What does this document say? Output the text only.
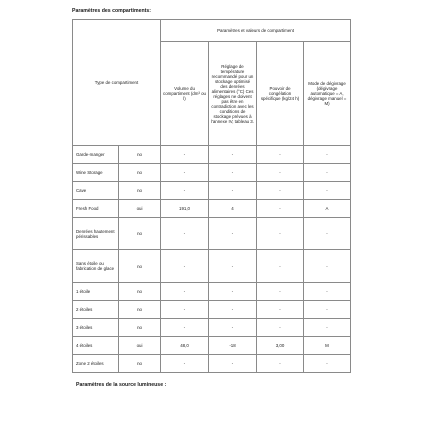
Paramètres des compartiments:
Type de compartiment		Paramètres et valeurs de compartiment			
		Volume du compartiment (dm³ ou l)	Réglage de température recommandé pour un stockage optimisé des denrées alimentaires (°C) Ces réglages ne doivent pas être en contradiction avec les conditions de stockage prévues à l'annexe IV, tableau 3.	Pouvoir de congélation spécifique (kg/24 h)	Mode de dégivrage (dégivrage automatique = A, dégivrage manuel = M)
Garde-manger	no	-	-	-	-
Wine Storage	no	-	-	-	-
Cave	no	-	-	-	-
Fresh Food	oui	191,0	4	-	A
Denrées hautement périssables	no	-	-	-	-
Sans étoile ou fabrication de glace	no	-	-	-	-
1 étoile	no	-	-	-	-
2 étoiles	no	-	-	-	-
3 étoiles	no	-	-	-	-
4 étoiles	oui	48,0	-18	3,00	M
Zone 2 étoiles	no	-	-	-	-
Paramètres de la source lumineuse :
